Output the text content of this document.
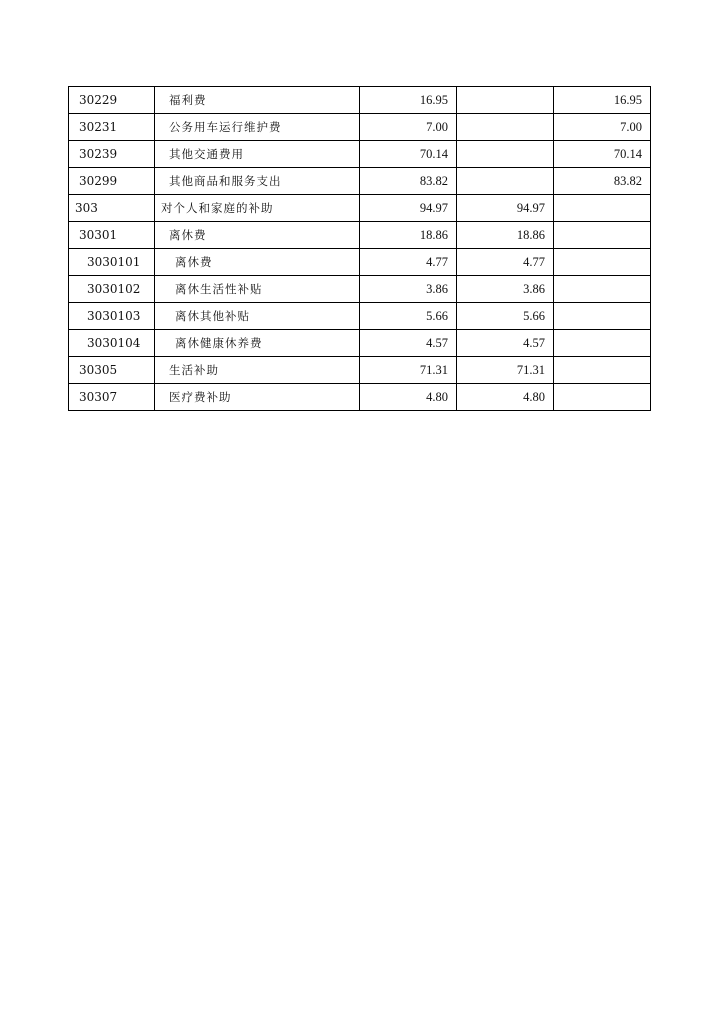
30229	福利费	16.95		16.95
30231	公务用车运行维护费	7.00		7.00
30239	其他交通费用	70.14		70.14
30299	其他商品和服务支出	83.82		83.82
303	对个人和家庭的补助	94.97	94.97	
30301	离休费	18.86	18.86	
3030101	离休费	4.77	4.77	
3030102	离休生活性补贴	3.86	3.86	
3030103	离休其他补贴	5.66	5.66	
3030104	离休健康休养费	4.57	4.57	
30305	生活补助	71.31	71.31	
30307	医疗费补助	4.80	4.80	
